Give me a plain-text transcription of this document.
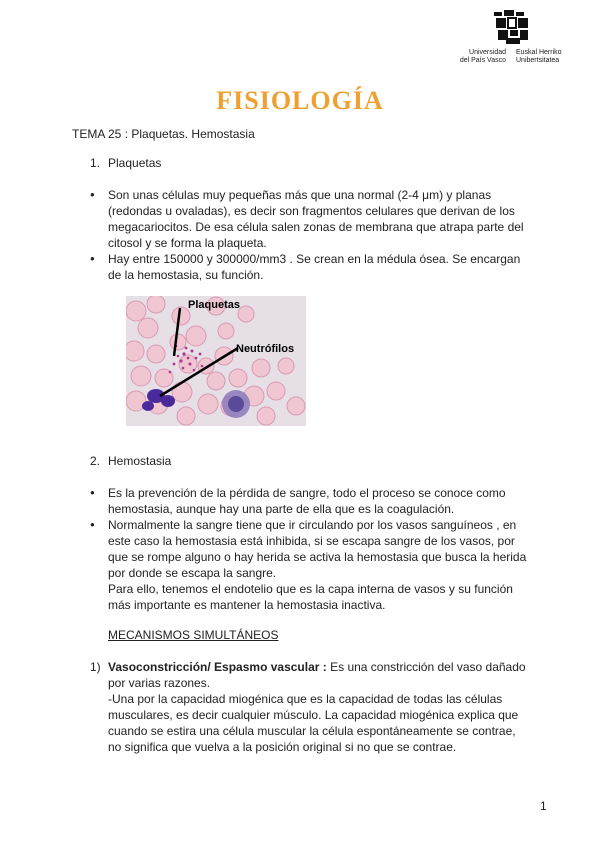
Universidad
del País Vasco
Euskal Herriko
Unibertsitatea
FISIOLOGÍA
TEMA 25 : Plaquetas. Hemostasia
1. Plaquetas
● Son unas células muy pequeñas más que una normal (2-4 μm) y planas (redondas u ovaladas), es decir son fragmentos celulares que derivan de los megacariocitos. De esa célula salen zonas de membrana que atrapa parte del citosol y se forma la plaqueta.
● Hay entre 150000 y 300000/mm3 . Se crean en la médula ósea. Se encargan de la hemostasia, su función.
Plaquetas
Neutrófilos
2. Hemostasia
● Es la prevención de la pérdida de sangre, todo el proceso se conoce como hemostasia, aunque hay una parte de ella que es la coagulación.
● Normalmente la sangre tiene que ir circulando por los vasos sanguíneos , en este caso la hemostasia está inhibida, si se escapa sangre de los vasos, por que se rompe alguno o hay herida se activa la hemostasia que busca la herida por donde se escapa la sangre.
Para ello, tenemos el endotelio que es la capa interna de vasos y su función más importante es mantener la hemostasia inactiva.
MECANISMOS SIMULTÁNEOS
1) Vasoconstricción/ Espasmo vascular : Es una constricción del vaso dañado por varias razones.
-Una por la capacidad miogénica que es la capacidad de todas las células musculares, es decir cualquier músculo. La capacidad miogénica explica que cuando se estira una célula muscular la célula espontáneamente se contrae, no significa que vuelva a la posición original si no que se contrae.
1
